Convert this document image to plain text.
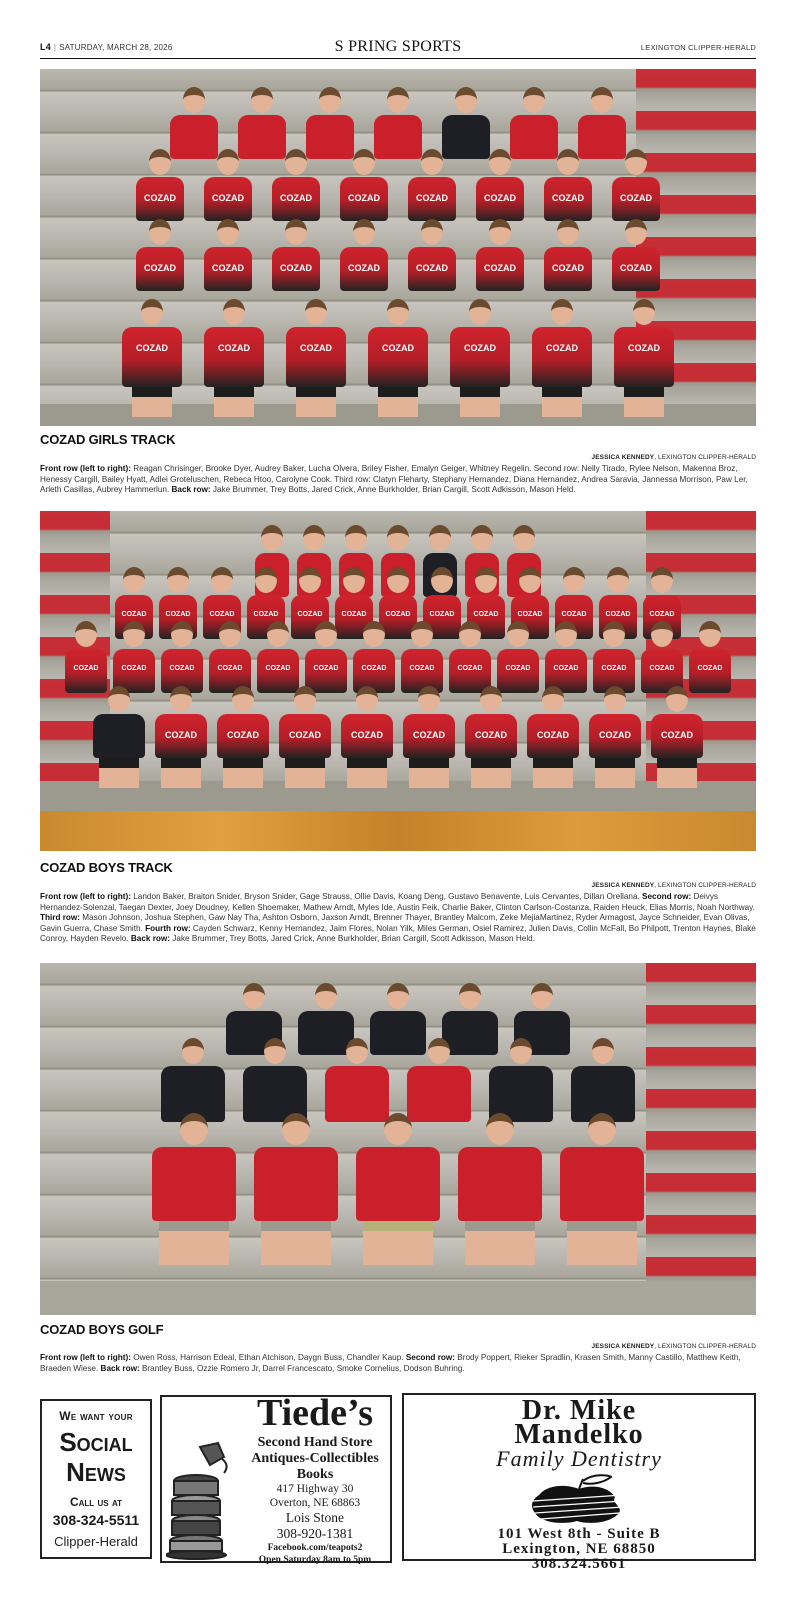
L4 | SATURDAY, MARCH 28, 2026	S PRING SPORTS	LEXINGTON CLIPPER-HERALD
COZAD	COZAD	COZAD	COZAD	COZAD	COZAD	COZAD	COZAD
COZAD	COZAD	COZAD	COZAD	COZAD	COZAD	COZAD	COZAD
COZAD	COZAD	COZAD	COZAD	COZAD	COZAD	COZAD
COZAD GIRLS TRACK
JESSICA KENNEDY, LEXINGTON CLIPPER-HERALD
Front row (left to right): Reagan Chrisinger, Brooke Dyer, Audrey Baker, Lucha Olvera, Briley Fisher, Emalyn Geiger, Whitney Regelin. Second row: Nelly Tirado, Rylee Nelson, Makenna Broz, Henessy Cargill, Bailey Hyatt, Adlei Groteluschen, Rebeca Htoo, Carolyne Cook. Third row: Clatyn Fleharty, Stephany Hernandez, Diana Hernandez, Andrea Saravia, Jannessa Morrison, Paw Ler, Arleth Casillas, Aubrey Hammerlun. Back row: Jake Brummer, Trey Botts, Jared Crick, Anne Burkholder, Brian Cargill, Scott Adkisson, Mason Held.
COZAD	COZAD	COZAD	COZAD	COZAD	COZAD	COZAD	COZAD	COZAD	COZAD	COZAD	COZAD	COZAD
COZAD	COZAD	COZAD	COZAD	COZAD	COZAD	COZAD	COZAD	COZAD	COZAD	COZAD	COZAD	COZAD	COZAD
COZAD	COZAD	COZAD	COZAD	COZAD	COZAD	COZAD	COZAD	COZAD
COZAD BOYS TRACK
JESSICA KENNEDY, LEXINGTON CLIPPER-HERALD
Front row (left to right): Landon Baker, Braiton Snider, Bryson Snider, Gage Strauss, Ollie Davis, Koang Deng, Gustavo Benavente, Luis Cervantes, Dillan Orellana. Second row: Deivys Hernandez-Solenzal, Taegan Dexter, Joey Doudney, Kellen Shoemaker, Mathew Arndt, Myles Ide, Austin Feik, Charlie Baker, Clinton Carlson-Costanza, Raiden Heuck, Elias Morris, Noah Northway. Third row: Mason Johnson, Joshua Stephen, Gaw Nay Tha, Ashton Osborn, Jaxson Arndt, Brenner Thayer, Brantley Malcom, Zeke MejiaMartinez, Ryder Armagost, Jayce Schneider, Evan Olivas, Gavin Guerra, Chase Smith. Fourth row: Cayden Schwarz, Kenny Hernandez, Jaim Flores, Nolan Yilk, Miles German, Osiel Ramirez, Julien Davis, Collin McFall, Bo Philpott, Trenton Haynes, Blake Conroy, Hayden Revelo. Back row: Jake Brummer, Trey Botts, Jared Crick, Anne Burkholder, Brian Cargill, Scott Adkisson, Mason Held.
COZAD BOYS GOLF
JESSICA KENNEDY, LEXINGTON CLIPPER-HERALD
Front row (left to right): Owen Ross, Harrison Edeal, Ethan Atchison, Daygn Buss, Chandler Kaup. Second row: Brody Poppert, Rieker Spradlin, Krasen Smith, Manny Castillo, Matthew Keith, Braeden Wiese. Back row: Brantley Buss, Ozzie Romero Jr, Darrel Francescato, Smoke Cornelius, Dodson Buhring.
We want your
Social
News
Call us at
308-324-5511
Clipper-Herald
Tiede’s
Second Hand Store
Antiques-Collectibles
Books
417 Highway 30
Overton, NE 68863
Lois Stone
308-920-1381
Facebook.com/teapots2
Open Saturday 8am to 5pm
Dr. Mike
Mandelko
Family Dentistry
101 West 8th - Suite B
Lexington, NE 68850
308.324.5661
